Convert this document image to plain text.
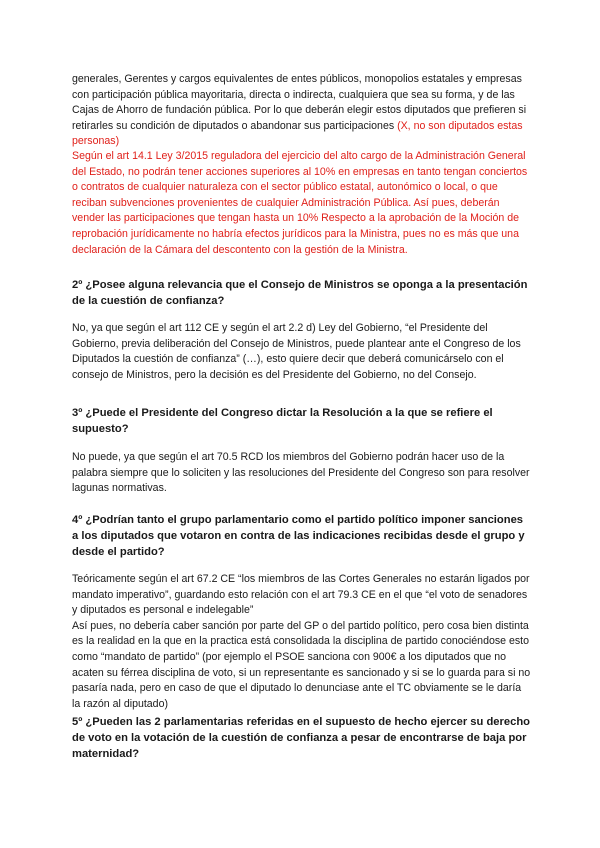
generales, Gerentes y cargos equivalentes de entes públicos, monopolios estatales y empresas con participación pública mayoritaria, directa o indirecta, cualquiera que sea su forma, y de las Cajas de Ahorro de fundación pública. Por lo que deberán elegir estos diputados que prefieren si retirarles su condición de diputados o abandonar sus participaciones (X, no son diputados estas personas)

Según el art 14.1 Ley 3/2015 reguladora del ejercicio del alto cargo de la Administración General del Estado, no podrán tener acciones superiores al 10% en empresas en tanto tengan conciertos o contratos de cualquier naturaleza con el sector público estatal, autonómico o local, o que reciban subvenciones provenientes de cualquier Administración Pública. Así pues, deberán vender las participaciones que tengan hasta un 10% Respecto a la aprobación de la Moción de reprobación jurídicamente no habría efectos jurídicos para la Ministra, pues no es más que una declaración de la Cámara del descontento con la gestión de la Ministra.

2º ¿Posee alguna relevancia que el Consejo de Ministros se oponga a la presentación de la cuestión de confianza?

No, ya que según el art 112 CE y según el art 2.2 d) Ley del Gobierno, “el Presidente del Gobierno, previa deliberación del Consejo de Ministros, puede plantear ante el Congreso de los Diputados la cuestión de confianza” (…), esto quiere decir que deberá comunicárselo con el consejo de Ministros, pero la decisión es del Presidente del Gobierno, no del Consejo.

3º ¿Puede el Presidente del Congreso dictar la Resolución a la que se refiere el supuesto?

No puede, ya que según el art 70.5 RCD los miembros del Gobierno podrán hacer uso de la palabra siempre que lo soliciten y las resoluciones del Presidente del Congreso son para resolver lagunas normativas.

4º ¿Podrían tanto el grupo parlamentario como el partido político imponer sanciones a los diputados que votaron en contra de las indicaciones recibidas desde el grupo y desde el partido?

Teóricamente según el art 67.2 CE “los miembros de las Cortes Generales no estarán ligados por mandato imperativo”, guardando esto relación con el art 79.3 CE en el que “el voto de senadores y diputados es personal e indelegable”

Así pues, no debería caber sanción por parte del GP o del partido político, pero cosa bien distinta es la realidad en la que en la practica está consolidada la disciplina de partido conociéndose esto como “mandato de partido” (por ejemplo el PSOE sanciona con 900€ a los diputados que no acaten su férrea disciplina de voto, si un representante es sancionado y si se lo guarda para si no pasaría nada, pero en caso de que el diputado lo denunciase ante el TC obviamente se le daría la razón al diputado)

5º ¿Pueden las 2 parlamentarias referidas en el supuesto de hecho ejercer su derecho de voto en la votación de la cuestión de confianza a pesar de encontrarse de baja por maternidad?
